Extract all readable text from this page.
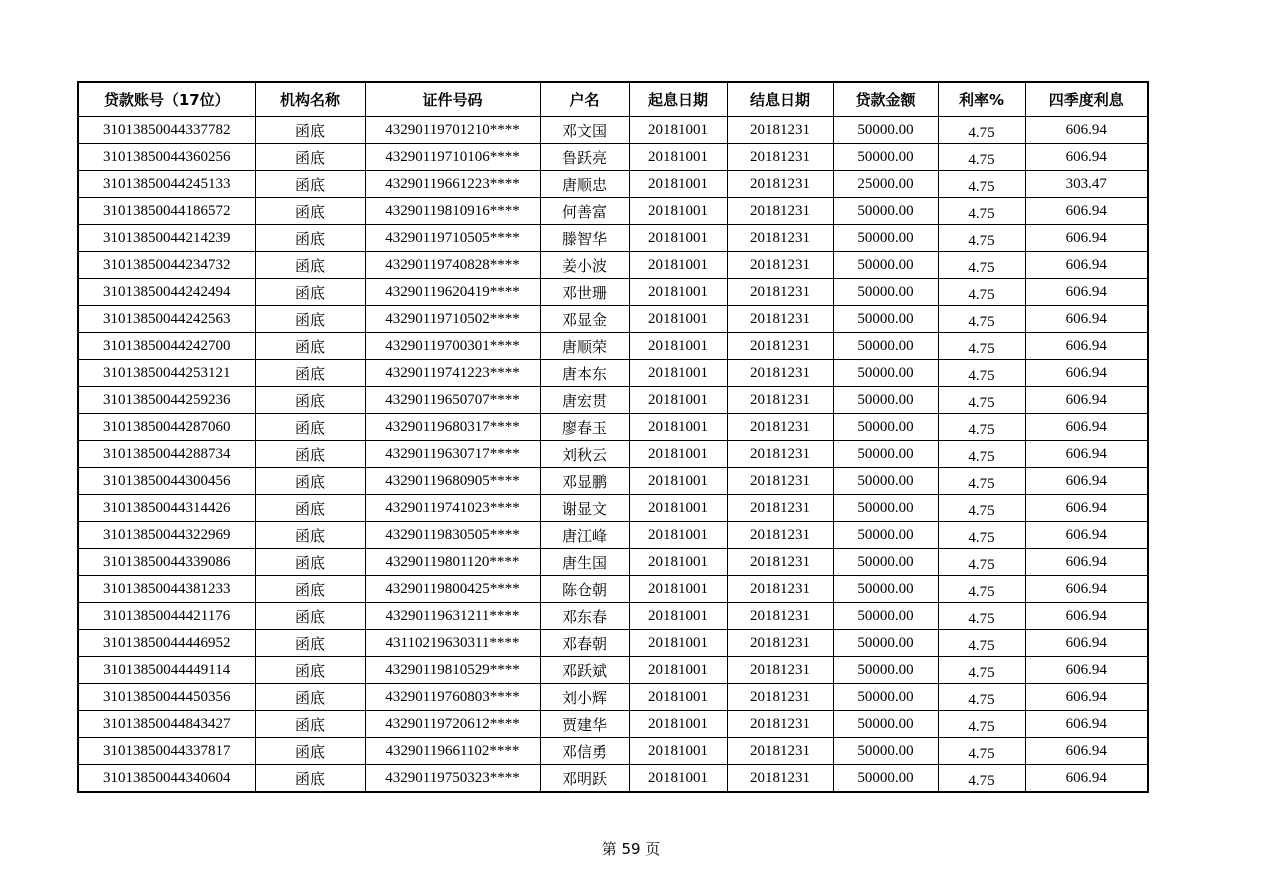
贷款账号（17位）	机构名称	证件号码	户名	起息日期	结息日期	贷款金额	利率%	四季度利息
31013850044337782	函底	43290119701210****	邓文国	20181001	20181231	50000.00	4.75	606.94
31013850044360256	函底	43290119710106****	鲁跃亮	20181001	20181231	50000.00	4.75	606.94
31013850044245133	函底	43290119661223****	唐顺忠	20181001	20181231	25000.00	4.75	303.47
31013850044186572	函底	43290119810916****	何善富	20181001	20181231	50000.00	4.75	606.94
31013850044214239	函底	43290119710505****	滕智华	20181001	20181231	50000.00	4.75	606.94
31013850044234732	函底	43290119740828****	姜小波	20181001	20181231	50000.00	4.75	606.94
31013850044242494	函底	43290119620419****	邓世珊	20181001	20181231	50000.00	4.75	606.94
31013850044242563	函底	43290119710502****	邓显金	20181001	20181231	50000.00	4.75	606.94
31013850044242700	函底	43290119700301****	唐顺荣	20181001	20181231	50000.00	4.75	606.94
31013850044253121	函底	43290119741223****	唐本东	20181001	20181231	50000.00	4.75	606.94
31013850044259236	函底	43290119650707****	唐宏贯	20181001	20181231	50000.00	4.75	606.94
31013850044287060	函底	43290119680317****	廖春玉	20181001	20181231	50000.00	4.75	606.94
31013850044288734	函底	43290119630717****	刘秋云	20181001	20181231	50000.00	4.75	606.94
31013850044300456	函底	43290119680905****	邓显鹏	20181001	20181231	50000.00	4.75	606.94
31013850044314426	函底	43290119741023****	谢显文	20181001	20181231	50000.00	4.75	606.94
31013850044322969	函底	43290119830505****	唐江峰	20181001	20181231	50000.00	4.75	606.94
31013850044339086	函底	43290119801120****	唐生国	20181001	20181231	50000.00	4.75	606.94
31013850044381233	函底	43290119800425****	陈仓朝	20181001	20181231	50000.00	4.75	606.94
31013850044421176	函底	43290119631211****	邓东春	20181001	20181231	50000.00	4.75	606.94
31013850044446952	函底	43110219630311****	邓春朝	20181001	20181231	50000.00	4.75	606.94
31013850044449114	函底	43290119810529****	邓跃斌	20181001	20181231	50000.00	4.75	606.94
31013850044450356	函底	43290119760803****	刘小辉	20181001	20181231	50000.00	4.75	606.94
31013850044843427	函底	43290119720612****	贾建华	20181001	20181231	50000.00	4.75	606.94
31013850044337817	函底	43290119661102****	邓信勇	20181001	20181231	50000.00	4.75	606.94
31013850044340604	函底	43290119750323****	邓明跃	20181001	20181231	50000.00	4.75	606.94
第 59 页
